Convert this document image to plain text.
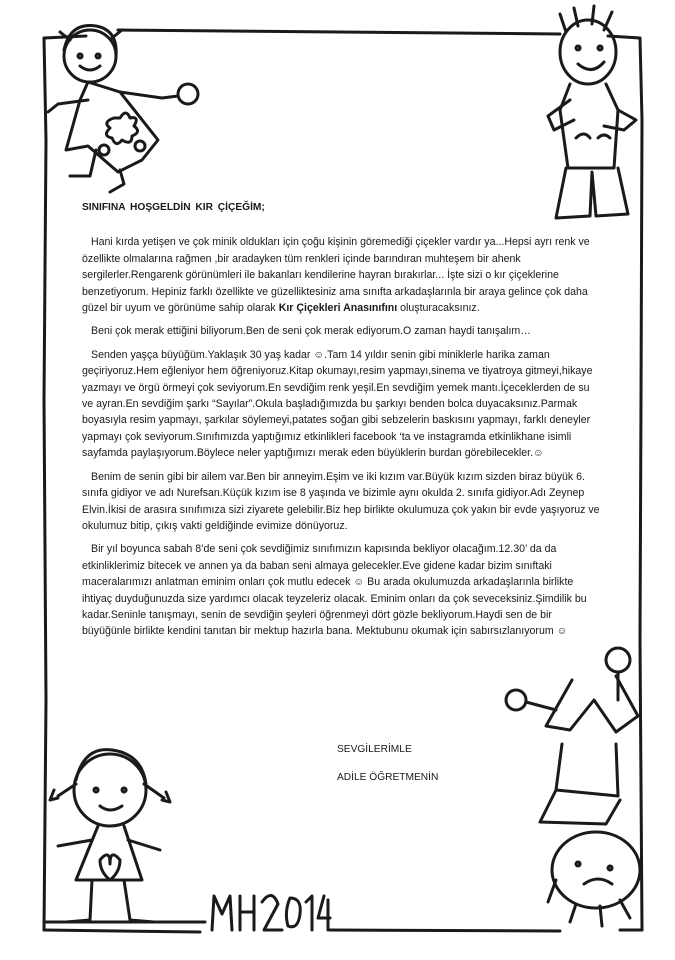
SINIFINA HOŞGELDİN KIR ÇİÇEĞİM;

Hani kırda yetişen ve çok minik oldukları için çoğu kişinin göremediği çiçekler vardır ya...Hepsi ayrı renk ve özellikte olmalarına rağmen ,bir aradayken tüm renkleri içinde barındıran muhteşem bir ahenk sergilerler.Rengarenk görünümleri ile bakanları kendilerine hayran bırakırlar... İşte sizi o kır çiçeklerine benzetiyorum. Hepiniz farklı özellikte ve güzelliktesiniz ama sınıfta arkadaşlarınla bir araya gelince çok daha güzel bir uyum ve görünüme sahip olarak Kır Çiçekleri Anasınıfını oluşturacaksınız.

Beni çok merak ettiğini biliyorum.Ben de seni çok merak ediyorum.O zaman haydi tanışalım…

Senden yaşça büyüğüm.Yaklaşık 30 yaş kadar ☺.Tam 14 yıldır senin gibi miniklerle harika zaman geçiriyoruz.Hem eğleniyor hem öğreniyoruz.Kitap okumayı,resim yapmayı,sinema ve tiyatroya gitmeyi,hikaye yazmayı ve örgü örmeyi çok seviyorum.En sevdiğim renk yeşil.En sevdiğim yemek mantı.İçeceklerden de su ve ayran.En sevdiğim şarkı “Sayılar”.Okula başladığımızda bu şarkıyı benden bolca duyacaksınız.Parmak boyasıyla resim yapmayı, şarkılar söylemeyi,patates soğan gibi sebzelerin baskısını yapmayı, farklı deneyler yapmayı çok seviyorum.Sınıfımızda yaptığımız etkinlikleri facebook ‘ta ve instagramda etkinlikhane isimli sayfamda paylaşıyorum.Böylece neler yaptığımızı merak eden büyüklerin burdan görebilecekler.☺

Benim de senin gibi bir ailem var.Ben bir anneyim.Eşim ve iki kızım var.Büyük kızım sizden biraz büyük 6. sınıfa gidiyor ve adı Nurefsan.Küçük kızım ise 8 yaşında ve bizimle aynı okulda 2. sınıfa gidiyor.Adı Zeynep Elvin.İkisi de arasıra sınıfımıza sizi ziyarete gelebilir.Biz hep birlikte okulumuza çok yakın bir evde yaşıyoruz ve okulumuz bitip, çıkış vakti geldiğinde evimize dönüyoruz.

Bir yıl boyunca sabah 8’de seni çok sevdiğimiz sınıfımızın kapısında bekliyor olacağım.12.30’ da da etkinliklerimiz bitecek ve annen ya da baban seni almaya gelecekler.Eve gidene kadar bizim sınıftaki maceralarımızı anlatman eminim onları çok mutlu edecek ☺ Bu arada okulumuzda arkadaşlarınla birlikte ihtiyaç duyduğunuzda size yardımcı olacak teyzeleriz olacak. Eminim onları da çok seveceksiniz.Şimdilik bu kadar.Seninle tanışmayı, senin de sevdiğin şeyleri öğrenmeyi dört gözle bekliyorum.Haydi sen de bir büyüğünle birlikte kendini tanıtan bir mektup hazırla bana. Mektubunu okumak için sabırsızlanıyorum ☺

SEVGİLERİMLE
ADİLE ÖĞRETMENİN
